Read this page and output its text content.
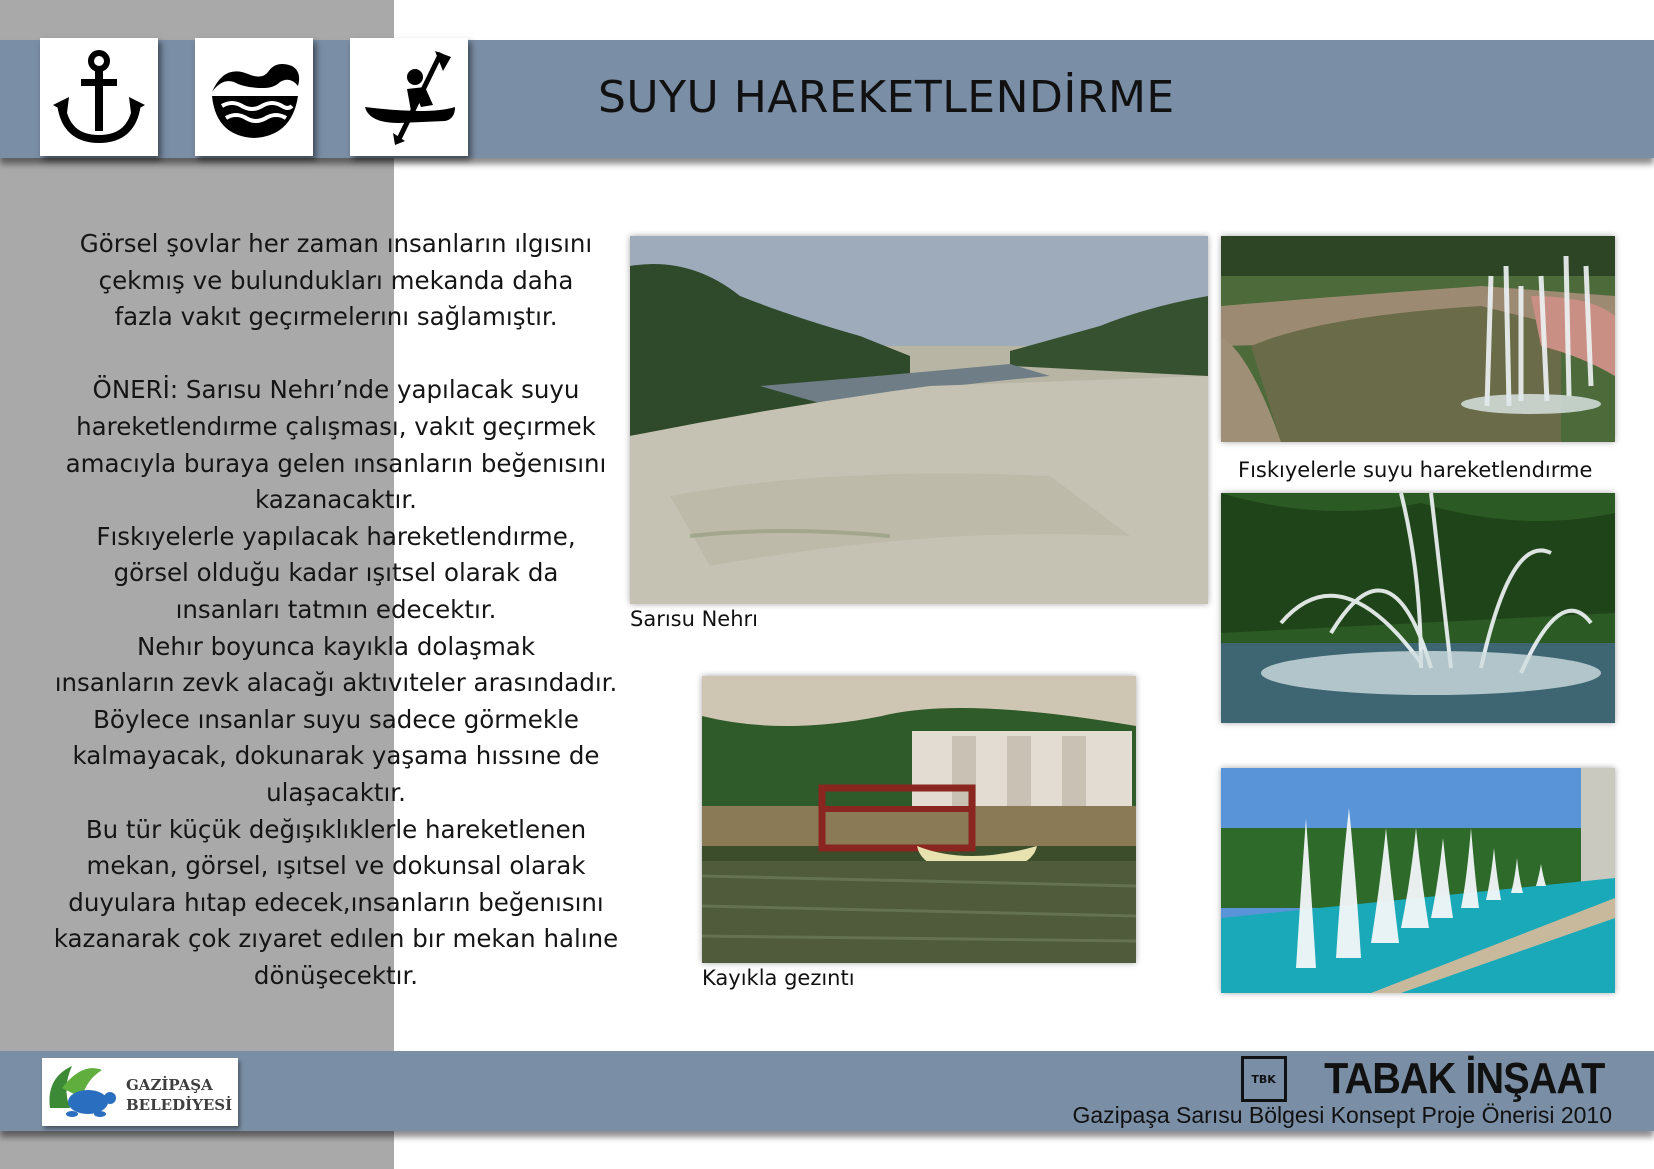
SUYU HAREKETLENDİRME

Görsel şovlar her zaman ınsanların ılgısını

çekmış ve bulundukları mekanda daha

fazla vakıt geçırmelerını sağlamıştır.

ÖNERİ: Sarısu Nehrı’nde yapılacak suyu

hareketlendırme çalışması, vakıt geçırmek

amacıyla buraya gelen ınsanların beğenısını

kazanacaktır.

Fıskıyelerle yapılacak hareketlendırme,

görsel olduğu kadar ışıtsel olarak da

ınsanları tatmın edecektır.

Nehır boyunca kayıkla dolaşmak

ınsanların zevk alacağı aktıvıteler arasındadır.

Böylece ınsanlar suyu sadece görmekle

kalmayacak, dokunarak yaşama hıssıne de

ulaşacaktır.

Bu tür küçük değışıklıklerle hareketlenen

mekan, görsel, ışıtsel ve dokunsal olarak

duyulara hıtap edecek,ınsanların beğenısını

kazanarak çok zıyaret edılen bır mekan halıne

dönüşecektır.

Sarısu Nehrı
Fıskıyelerle suyu hareketlendırme
Kayıkla gezıntı
GAZİPAŞA
BELEDİYESİ
TBK TABAK İNŞAAT
Gazipaşa Sarısu Bölgesi Konsept Proje Önerisi 2010
